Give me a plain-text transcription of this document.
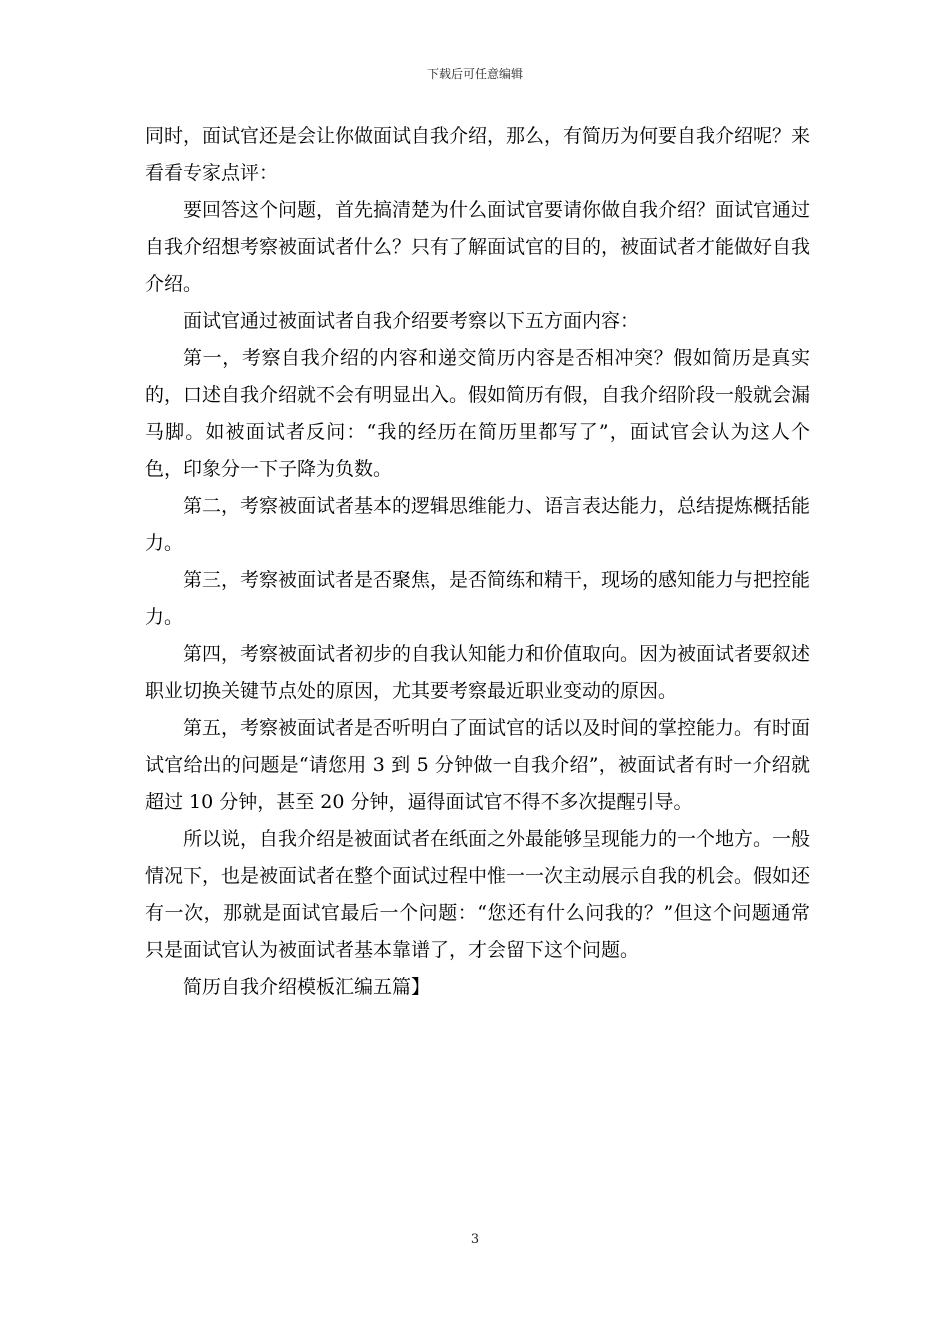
下载后可任意编辑

同时，面试官还是会让你做面试自我介绍，那么，有简历为何要自我介绍呢？来看看专家点评：

要回答这个问题，首先搞清楚为什么面试官要请你做自我介绍？面试官通过自我介绍想考察被面试者什么？只有了解面试官的目的，被面试者才能做好自我介绍。

面试官通过被面试者自我介绍要考察以下五方面内容：

第一，考察自我介绍的内容和递交简历内容是否相冲突？假如简历是真实的，口述自我介绍就不会有明显出入。假如简历有假，自我介绍阶段一般就会漏马脚。如被面试者反问：“我的经历在简历里都写了”，面试官会认为这人个色，印象分一下子降为负数。

第二，考察被面试者基本的逻辑思维能力、语言表达能力，总结提炼概括能力。

第三，考察被面试者是否聚焦，是否简练和精干，现场的感知能力与把控能力。

第四，考察被面试者初步的自我认知能力和价值取向。因为被面试者要叙述职业切换关键节点处的原因，尤其要考察最近职业变动的原因。

第五，考察被面试者是否听明白了面试官的话以及时间的掌控能力。有时面试官给出的问题是“请您用 3 到 5 分钟做一自我介绍”，被面试者有时一介绍就超过 10 分钟，甚至 20 分钟，逼得面试官不得不多次提醒引导。

所以说，自我介绍是被面试者在纸面之外最能够呈现能力的一个地方。一般情况下，也是被面试者在整个面试过程中惟一一次主动展示自我的机会。假如还有一次，那就是面试官最后一个问题：“您还有什么问我的？”但这个问题通常只是面试官认为被面试者基本靠谱了，才会留下这个问题。

简历自我介绍模板汇编五篇】

3
